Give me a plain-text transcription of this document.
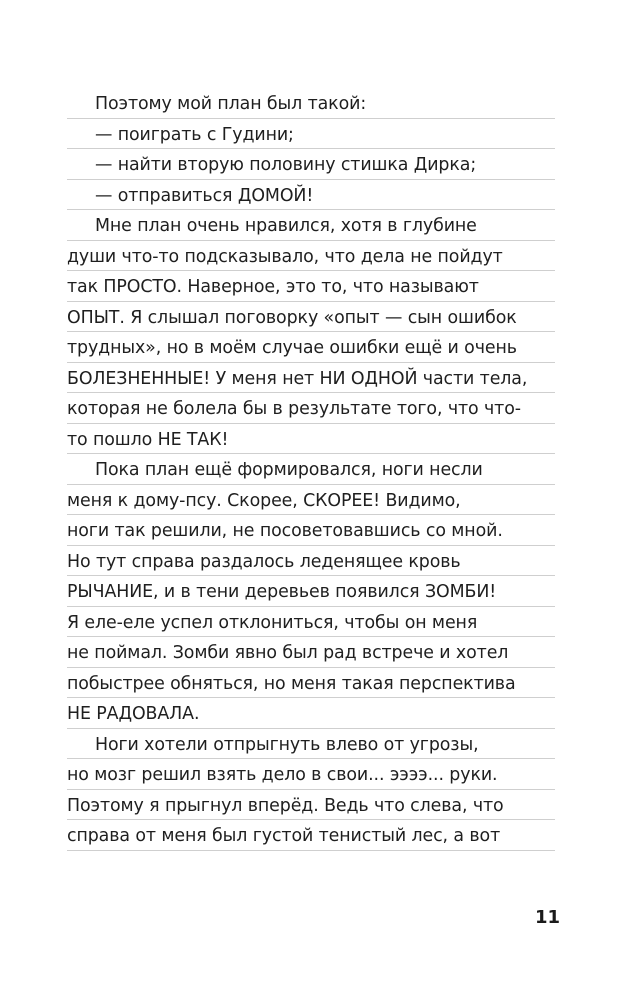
Поэтому мой план был такой:
— поиграть с Гудини;
— найти вторую половину стишка Дирка;
— отправиться ДОМОЙ!
Мне план очень нравился, хотя в глубине
души что-то подсказывало, что дела не пойдут
так ПРОСТО. Наверное, это то, что называют
ОПЫТ. Я слышал поговорку «опыт — сын ошибок
трудных», но в моём случае ошибки ещё и очень
БОЛЕЗНЕННЫЕ! У меня нет НИ ОДНОЙ части тела,
которая не болела бы в результате того, что что-
то пошло НЕ ТАК!
Пока план ещё формировался, ноги несли
меня к дому-псу. Скорее, СКОРЕЕ! Видимо,
ноги так решили, не посоветовавшись со мной.
Но тут справа раздалось леденящее кровь
РЫЧАНИЕ, и в тени деревьев появился ЗОМБИ!
Я еле-еле успел отклониться, чтобы он меня
не поймал. Зомби явно был рад встрече и хотел
побыстрее обняться, но меня такая перспектива
НЕ РАДОВАЛА.
Ноги хотели отпрыгнуть влево от угрозы,
но мозг решил взять дело в свои... ээээ... руки.
Поэтому я прыгнул вперёд. Ведь что слева, что
справа от меня был густой тенистый лес, а вот
11
